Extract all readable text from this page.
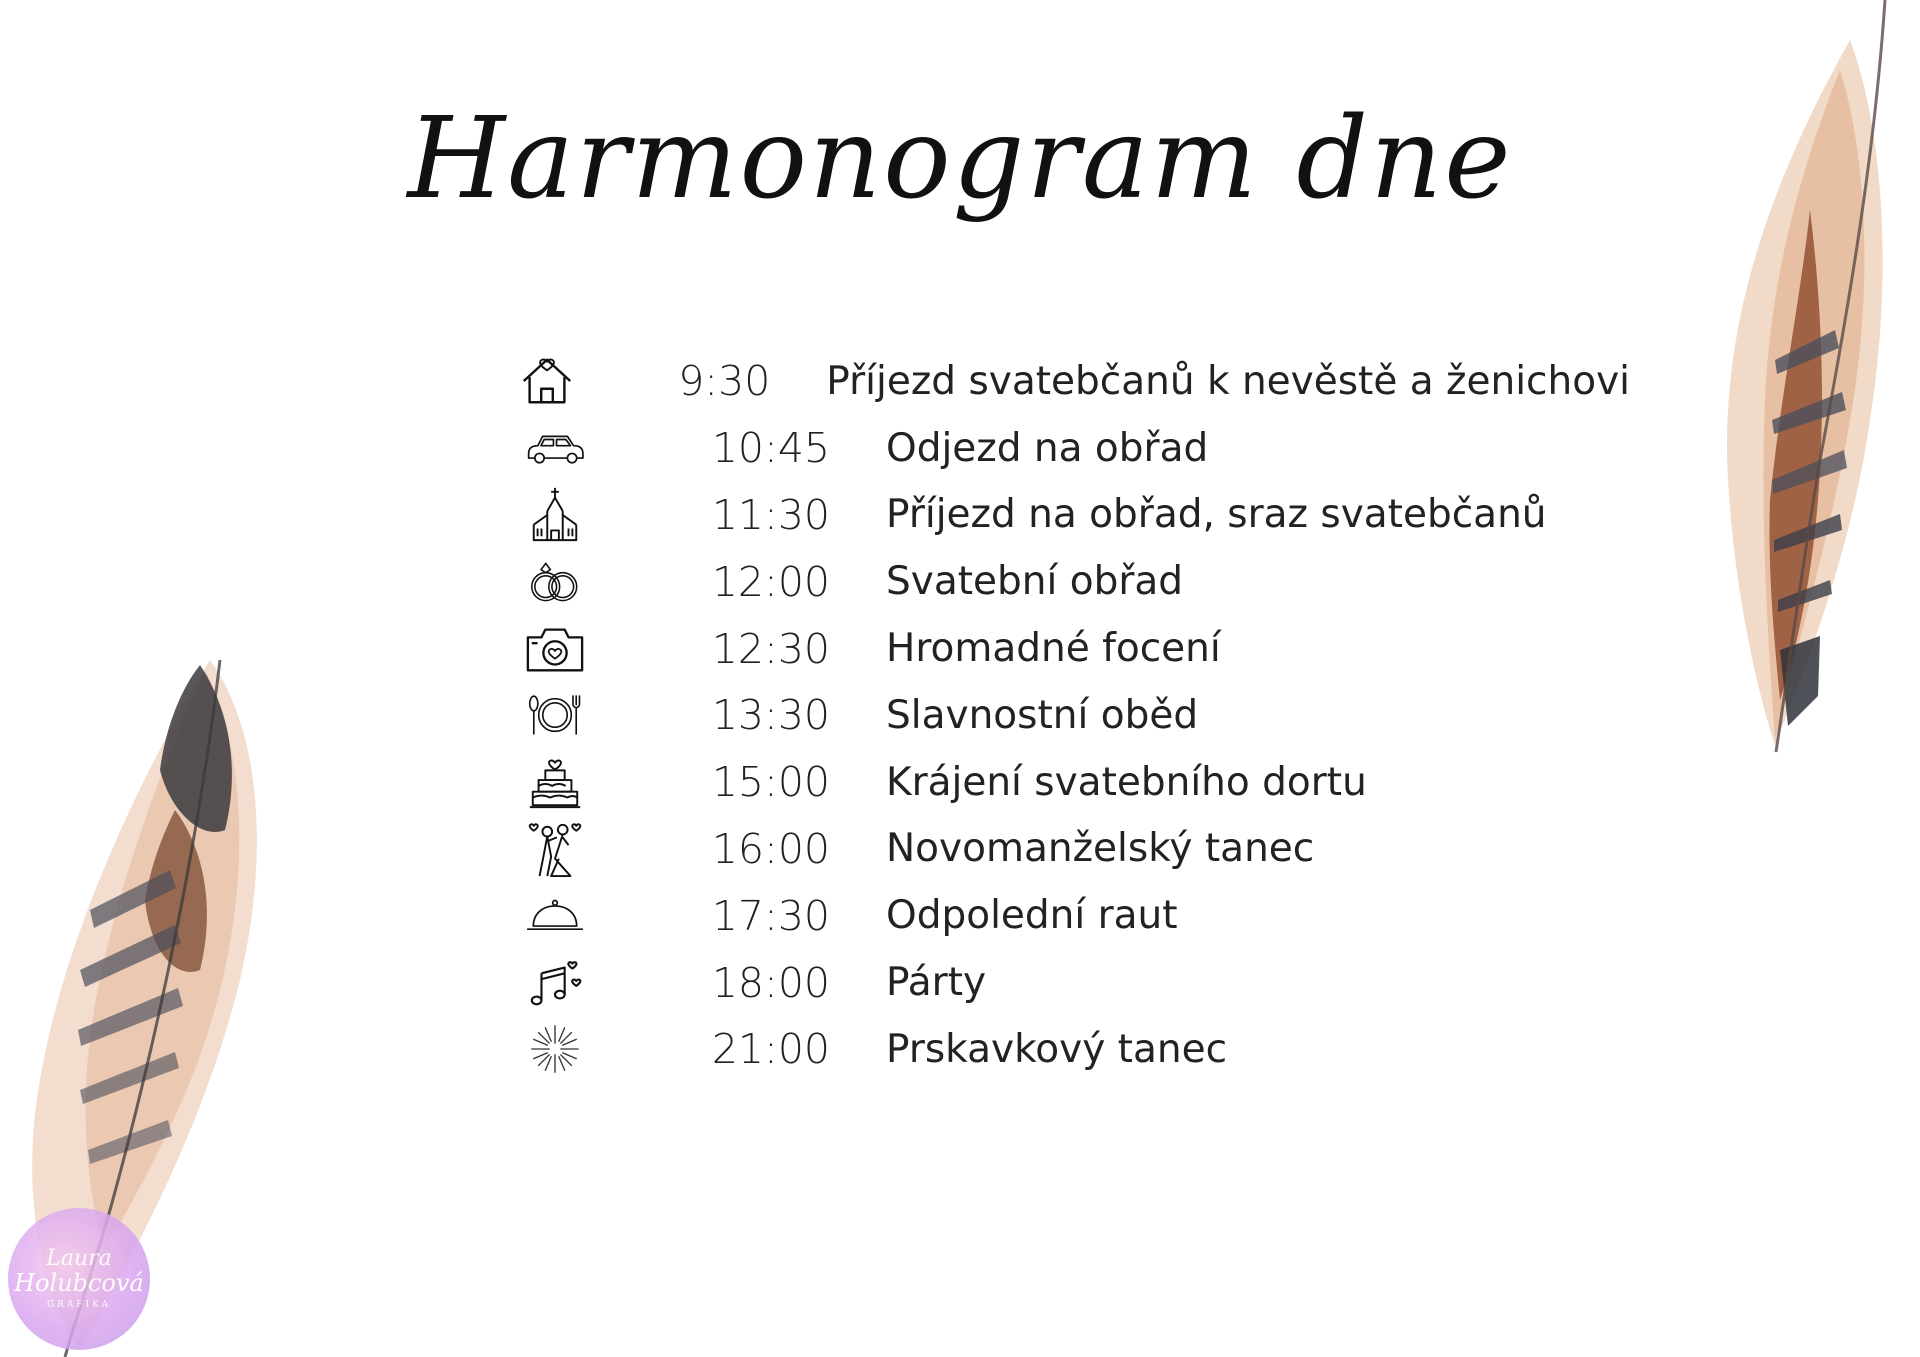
Harmonogram dne
9:30 Příjezd svatebčanů k nevěstě a ženichovi
10:45 Odjezd na obřad
11:30 Příjezd na obřad, sraz svatebčanů
12:00 Svatební obřad
12:30 Hromadné focení
13:30 Slavnostní oběd
15:00 Krájení svatebního dortu
16:00 Novomanželský tanec
17:30 Odpolední raut
18:00 Párty
21:00 Prskavkový tanec
Laura
Holubcová
GRAFIKA
